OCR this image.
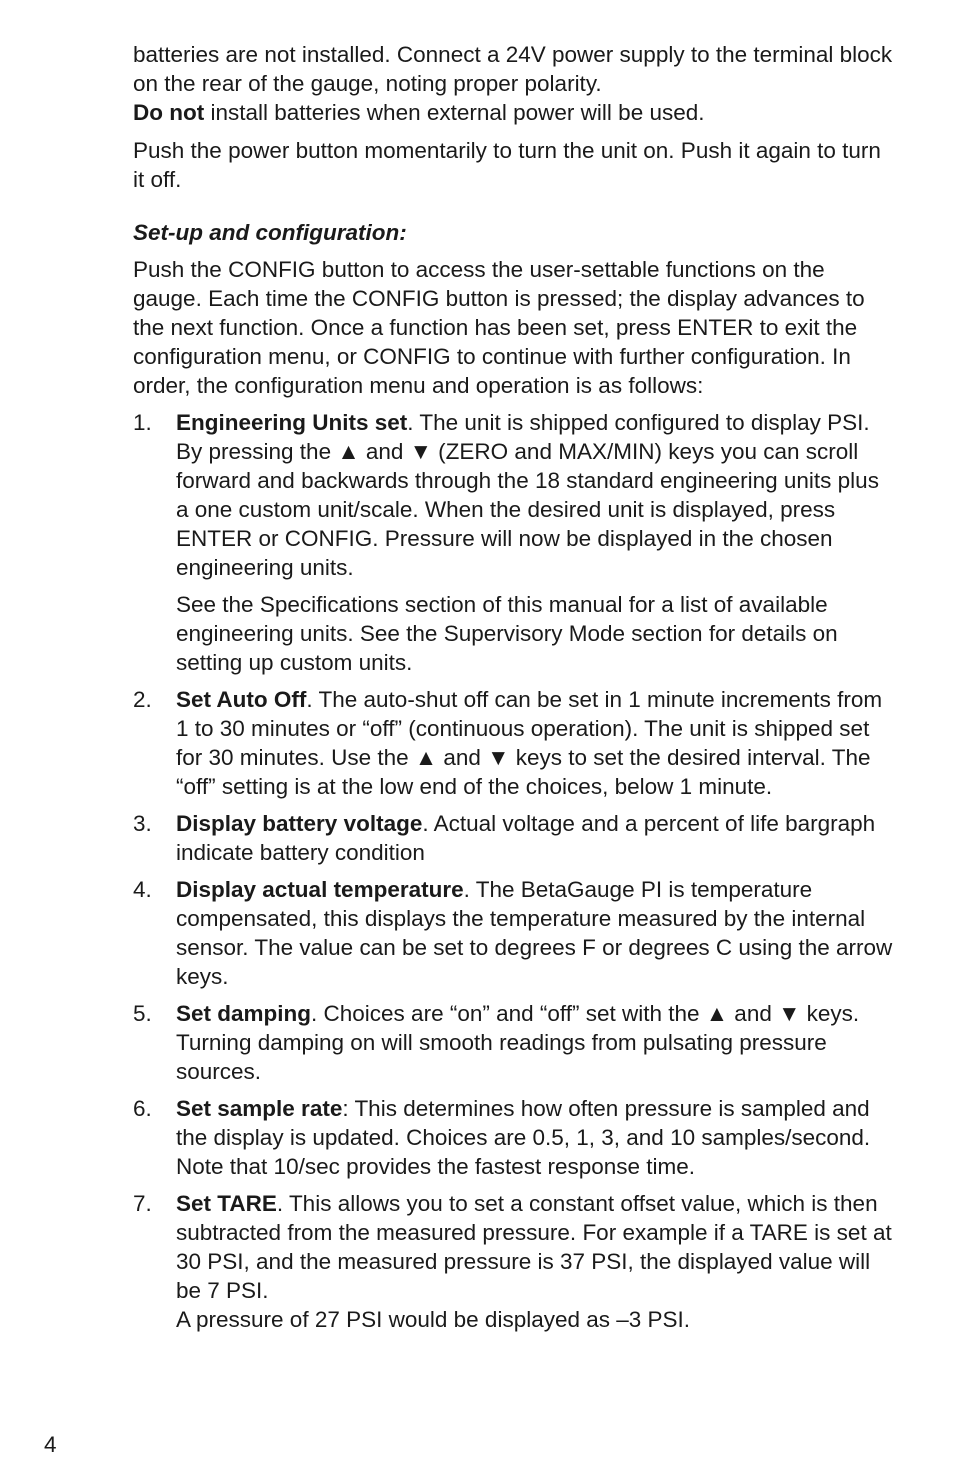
batteries are not installed. Connect a 24V power supply to the terminal block on the rear of the gauge, noting proper polarity.
Do not install batteries when external power will be used.

Push the power button momentarily to turn the unit on. Push it again to turn it off.

Set-up and configuration:

Push the CONFIG button to access the user-settable functions on the gauge. Each time the CONFIG button is pressed; the display advances to the next function. Once a function has been set, press ENTER to exit the configuration menu, or CONFIG to continue with further configuration. In order, the configuration menu and operation is as follows:

1. Engineering Units set. The unit is shipped configured to display PSI. By pressing the ▲ and ▼ (ZERO and MAX/MIN) keys you can scroll forward and backwards through the 18 standard engineering units plus a one custom unit/scale. When the desired unit is displayed, press ENTER or CONFIG. Pressure will now be displayed in the chosen engineering units.

See the Specifications section of this manual for a list of available engineering units. See the Supervisory Mode section for details on setting up custom units.

2. Set Auto Off. The auto-shut off can be set in 1 minute increments from 1 to 30 minutes or “off” (continuous operation). The unit is shipped set for 30 minutes. Use the ▲ and ▼ keys to set the desired interval. The “off” setting is at the low end of the choices, below 1 minute.
3. Display battery voltage. Actual voltage and a percent of life bargraph indicate battery condition
4. Display actual temperature. The BetaGauge PI is temperature compensated, this displays the temperature measured by the internal sensor. The value can be set to degrees F or degrees C using the arrow keys.
5. Set damping. Choices are “on” and “off” set with the ▲ and ▼ keys. Turning damping on will smooth readings from pulsating pressure sources.
6. Set sample rate: This determines how often pressure is sampled and the display is updated. Choices are 0.5, 1, 3, and 10 samples/second. Note that 10/sec provides the fastest response time.
7. Set TARE. This allows you to set a constant offset value, which is then subtracted from the measured pressure. For example if a TARE is set at 30 PSI, and the measured pressure is 37 PSI, the displayed value will be 7 PSI.

A pressure of 27 PSI would be displayed as –3 PSI.

4
